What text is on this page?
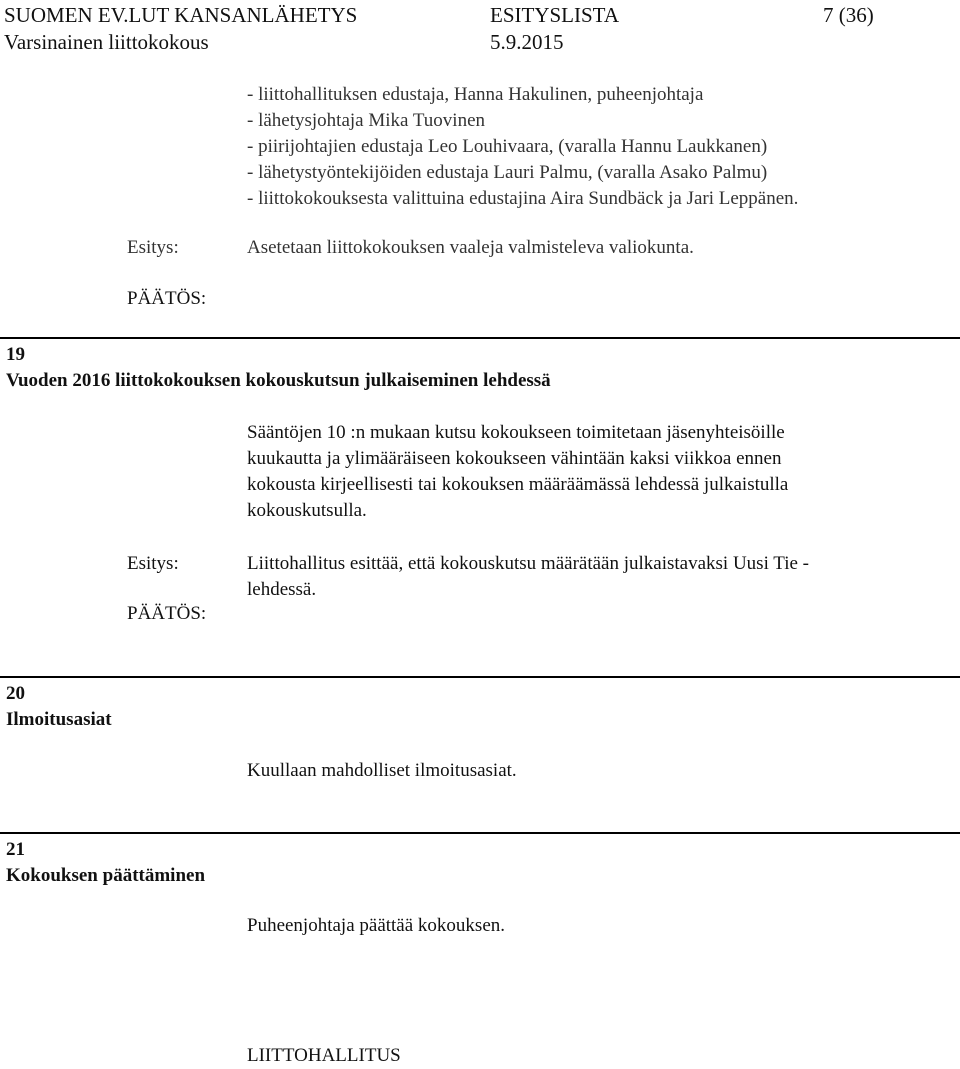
SUOMEN EV.LUT KANSANLÄHETYS	ESITYSLISTA	7 (36)
Varsinainen liittokokous	5.9.2015
- liittohallituksen edustaja, Hanna Hakulinen, puheenjohtaja
- lähetysjohtaja Mika Tuovinen
- piirijohtajien edustaja Leo Louhivaara, (varalla Hannu Laukkanen)
- lähetystyöntekijöiden edustaja Lauri Palmu, (varalla Asako Palmu)
- liittokokouksesta valittuina edustajina Aira Sundbäck ja Jari Leppänen.
Esitys:	Asetetaan liittokokouksen vaaleja valmisteleva valiokunta.
PÄÄTÖS:
19
Vuoden 2016 liittokokouksen kokouskutsun julkaiseminen lehdessä
Sääntöjen 10 :n mukaan kutsu kokoukseen toimitetaan jäsenyhteisöille
kuukautta ja ylimääräiseen kokoukseen vähintään kaksi viikkoa ennen
kokousta kirjeellisesti tai kokouksen määräämässä lehdessä julkaistulla
kokouskutsulla.
Esitys:	Liittohallitus esittää, että kokouskutsu määrätään julkaistavaksi Uusi Tie -
lehdessä.
PÄÄTÖS:
20
Ilmoitusasiat
Kuullaan mahdolliset ilmoitusasiat.
21
Kokouksen päättäminen
Puheenjohtaja päättää kokouksen.
LIITTOHALLITUS
